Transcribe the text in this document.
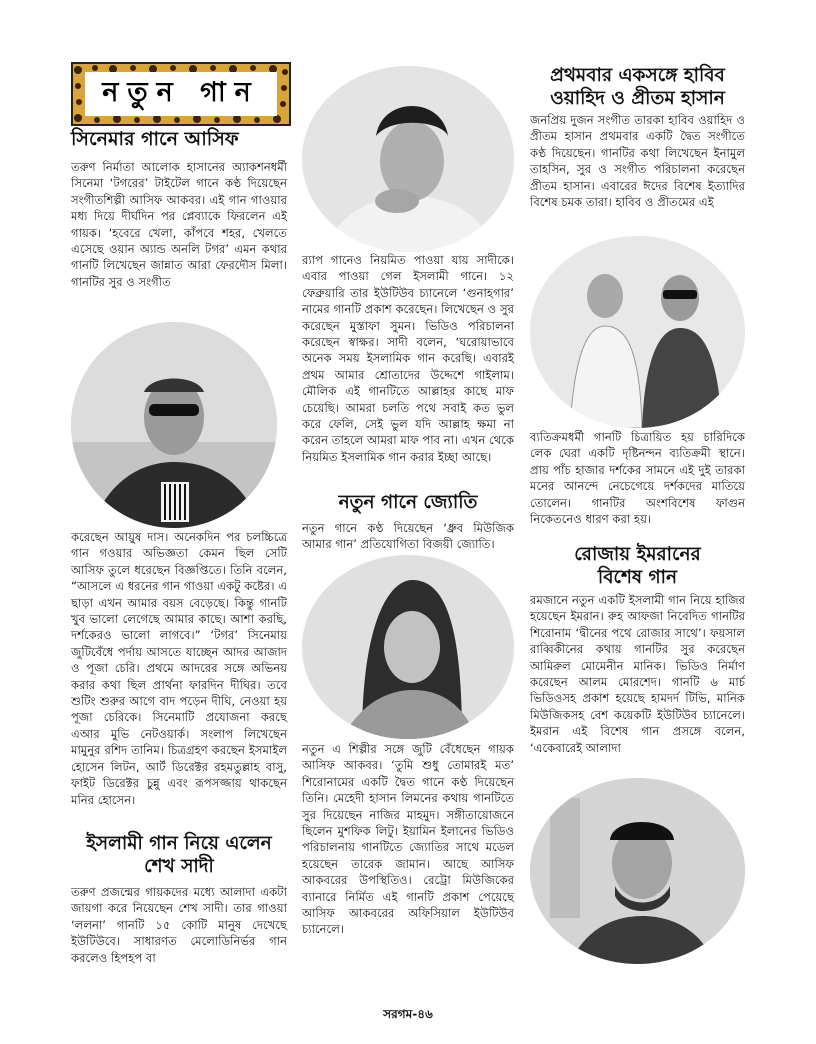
নতুন গান
সিনেমার গানে আসিফ

তরুণ নির্মাতা আলোক হাসানের অ্যাকশনধর্মী সিনেমা ‘টগরের’ টাইটেল গানে কণ্ঠ দিয়েছেন সংগীতশিল্পী আসিফ আকবর। এই গান গাওয়ার মধ্য দিয়ে দীর্ঘদিন পর প্লেব্যাকে ফিরলেন এই গায়ক। ‘হবেরে খেলা, কাঁপবে শহর, খেলতে এসেছে ওয়ান অ্যান্ড অনলি টগর’ এমন কথার গানটি লিখেছেন জান্নাত আরা ফেরদৌস মিলা। গানটির সুর ও সংগীত

করেছেন আয়ুষ দাস। অনেকদিন পর চলচ্চিত্রে গান গওয়ার অভিজ্ঞতা কেমন ছিল সেটি আসিফ তুলে ধরেছেন বিজ্ঞপ্তিতে। তিনি বলেন, “আসলে এ ধরনের গান গাওয়া একটু কষ্টের। এ ছাড়া এখন আমার বয়স বেড়েছে। কিন্তু গানটি খুব ভালো লেগেছে আমার কাছে। আশা করছি, দর্শকেরও ভালো লাগবে।” ‘টগর’ সিনেমায় জুটিবেঁধে পর্দায় আসতে যাচ্ছেন আদর আজাদ ও পূজা চেরি। প্রথমে আদরের সঙ্গে অভিনয় করার কথা ছিল প্রার্থনা ফারদিন দীঘির। তবে শুটিং শুরুর আগে বাদ পড়েন দীঘি, নেওয়া হয় পূজা চেরিকে। সিনেমাটি প্রযোজনা করছে এআর মুভি নেটওয়ার্ক। সংলাপ লিখেছেন মামুনুর রশিদ তানিম। চিত্রগ্রহণ করছেন ইসমাইল হোসেন লিটন, আর্ট ডিরেক্টর রহমতুল্লাহ বাসু, ফাইট ডিরেক্টর চুন্নু এবং রূপসজ্জায় থাকছেন মনির হোসেন।

ইসলামী গান নিয়ে এলেন
শেখ সাদী

তরুণ প্রজন্মের গায়কদের মধ্যে আলাদা একটা জায়গা করে নিয়েছেন শেখ সাদী। তার গাওয়া ‘ললনা’ গানটি ১৫ কোটি মানুষ দেখেছে ইউটিউবে। সাধারণত মেলোডিনির্ভর গান করলেও হিপহপ বা

র‍্যাপ গানেও নিয়মিত পাওয়া যায় সাদীকে। এবার পাওয়া গেল ইসলামী গানে। ১২ ফেব্রুয়ারি তার ইউটিউব চ্যানেলে ‘গুনাহগার’ নামের গানটি প্রকাশ করেছেন। লিখেছেন ও সুর করেছেন মুস্তাফা সুমন। ভিডিও পরিচালনা করেছেন স্বাক্ষর। সাদী বলেন, ‘ঘরোয়াভাবে অনেক সময় ইসলামিক গান করেছি। এবারই প্রথম আমার শ্রোতাদের উদ্দেশে গাইলাম। মৌলিক এই গানটিতে আল্লাহর কাছে মাফ চেয়েছি। আমরা চলতি পথে সবাই কত ভুল করে ফেলি, সেই ভুল যদি আল্লাহ ক্ষমা না করেন তাহলে আমরা মাফ পাব না। এখন থেকে নিয়মিত ইসলামিক গান করার ইচ্ছা আছে।

নতুন গানে জ্যোতি

নতুন গানে কণ্ঠ দিয়েছেন ‘ধ্রুব মিউজিক আমার গান’ প্রতিযোগিতা বিজয়ী জ্যোতি।

নতুন এ শিল্পীর সঙ্গে জুটি বেঁধেছেন গায়ক আসিফ আকবর। ‘তুমি শুধু তোমারই মত’ শিরোনামের একটি দ্বৈত গানে কণ্ঠ দিয়েছেন তিনি। মেহেদী হাসান লিমনের কথায় গানটিতে সুর দিয়েছেন নাজির মাহমুদ। সঙ্গীতায়োজনে ছিলেন মুশফিক লিটু। ইয়ামিন ইলানের ভিডিও পরিচালনায় গানটিতে জ্যোতির সাথে মডেল হয়েছেন তারেক জামান। আছে আসিফ আকবরের উপস্থিতিও। রেট্রো মিউজিকের ব্যানারে নির্মিত এই গানটি প্রকাশ পেয়েছে আসিফ আকবরের অফিসিয়াল ইউটিউব চ্যানেলে।

প্রথমবার একসঙ্গে হাবিব
ওয়াহিদ ও প্রীতম হাসান

জনপ্রিয় দুজন সংগীত তারকা হাবিব ওয়াহিদ ও প্রীতম হাসান প্রথমবার একটি দ্বৈত সংগীতে কণ্ঠ দিয়েছেন। গানটির কথা লিখেছেন ইনামুল তাহসিন, সুর ও সংগীত পরিচালনা করেছেন প্রীতম হাসান। এবারের ঈদের বিশেষ ইত্যাদির বিশেষ চমক তারা। হাবিব ও প্রীতমের এই

ব্যতিক্রমধর্মী গানটি চিত্রায়িত হয় চারিদিকে লেক ঘেরা একটি দৃষ্টিনন্দন ব্যতিক্রমী স্থানে। প্রায় পাঁচ হাজার দর্শকের সামনে এই দুই তারকা মনের আনন্দে নেচেগেয়ে দর্শকদের মাতিয়ে তোলেন। গানটির অংশবিশেষ ফাগুন নিকেতনেও ধারণ করা হয়।

রোজায় ইমরানের
বিশেষ গান

রমজানে নতুন একটি ইসলামী গান নিয়ে হাজির হয়েছেন ইমরান। রুহ আফজা নিবেদিত গানটির শিরোনাম ‘দ্বীনের পথে রোজার সাথে’। ফয়সাল রাব্বিকীনের কথায় গানটির সুর করেছেন আমিরুল মোমেনীন মানিক। ভিডিও নির্মাণ করেছেন আলম মোরশেদ। গানটি ৬ মার্চ ভিডিওসহ প্রকাশ হয়েছে হামদর্দ টিভি, মানিক মিউজিকসহ বেশ কয়েকটি ইউটিউব চ্যানেলে। ইমরান এই বিশেষ গান প্রসঙ্গে বলেন, ‘একেবারেই আলাদা

সরগম-৪৬
